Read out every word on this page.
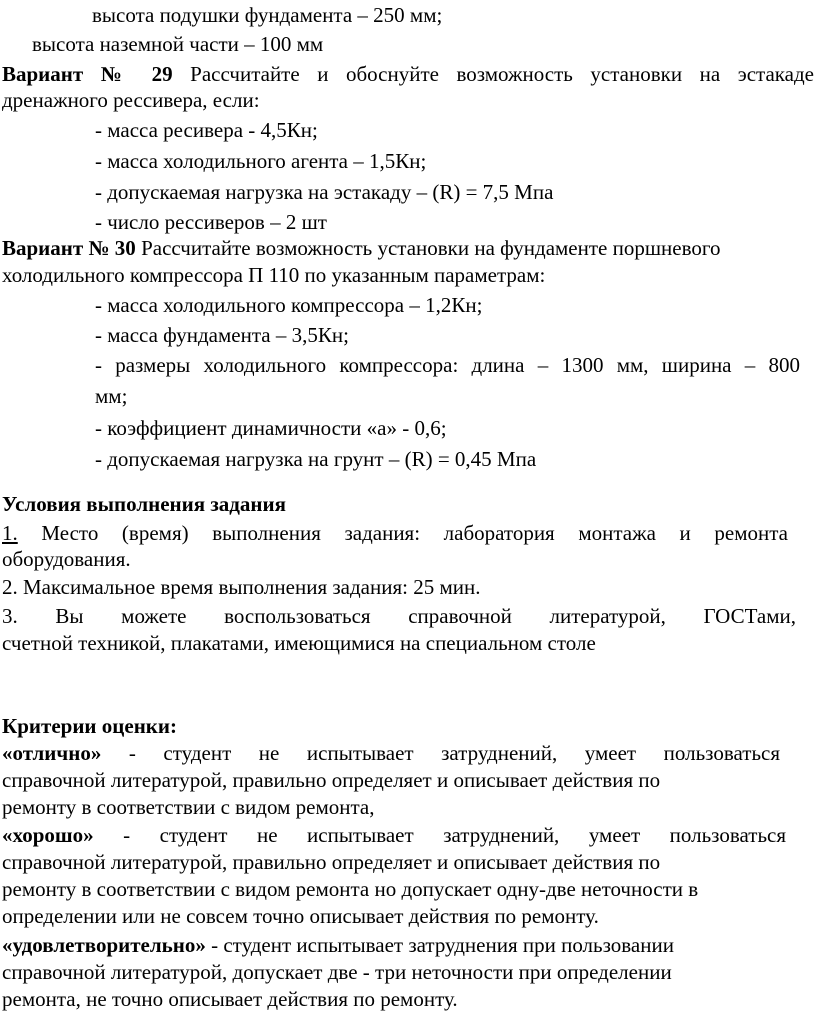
высота подушки фундамента – 250 мм;
высота наземной части – 100 мм
Вариант № 29 Рассчитайте и обоснуйте возможность установки на эстакаде
дренажного рессивера, если:
- масса ресивера - 4,5Кн;
- масса холодильного агента – 1,5Кн;
- допускаемая нагрузка на эстакаду – (R) = 7,5 Мпа
- число рессиверов – 2 шт
Вариант № 30 Рассчитайте возможность установки на фундаменте поршневого
холодильного компрессора П 110 по указанным параметрам:
- масса холодильного компрессора – 1,2Кн;
- масса фундамента – 3,5Кн;
- размеры холодильного компрессора: длина – 1300 мм, ширина – 800
мм;
- коэффициент динамичности «а» - 0,6;
- допускаемая нагрузка на грунт – (R) = 0,45 Мпа
Условия выполнения задания
1. Место (время) выполнения задания: лаборатория монтажа и ремонта
оборудования.
2. Максимальное время выполнения задания: 25 мин.
3. Вы можете воспользоваться справочной литературой, ГОСТами,
счетной техникой, плакатами, имеющимися на специальном столе
Критерии оценки:
«отлично» - студент не испытывает затруднений, умеет пользоваться
справочной литературой, правильно определяет и описывает действия по
ремонту в соответствии с видом ремонта,
«хорошо» - студент не испытывает затруднений, умеет пользоваться
справочной литературой, правильно определяет и описывает действия по
ремонту в соответствии с видом ремонта но допускает одну-две неточности в
определении или не совсем точно описывает действия по ремонту.
«удовлетворительно» - студент испытывает затруднения при пользовании
справочной литературой, допускает две - три неточности при определении
ремонта, не точно описывает действия по ремонту.
